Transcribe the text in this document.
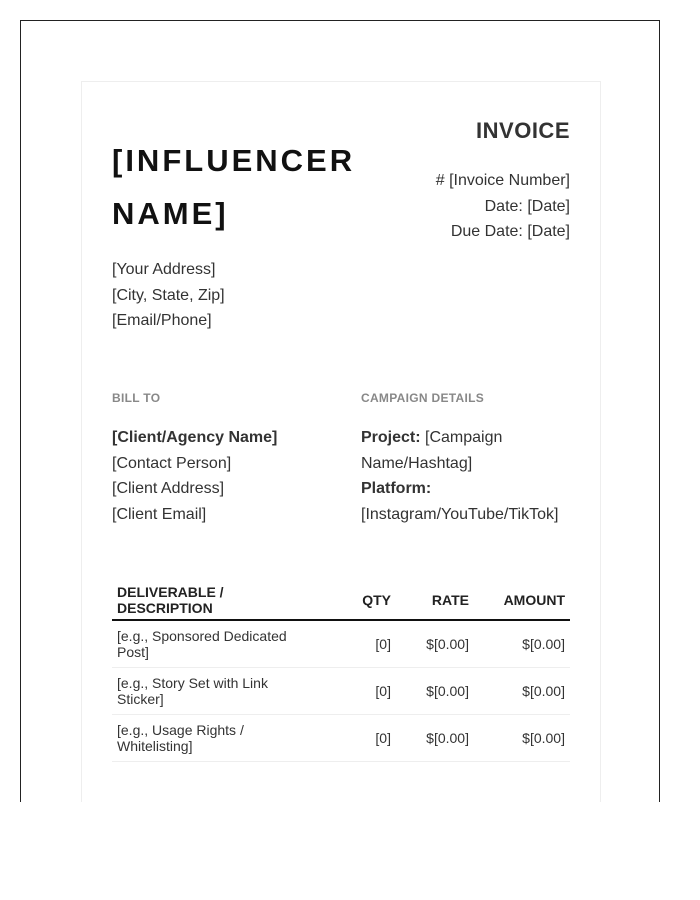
[INFLUENCER NAME]
[Your Address]
[City, State, Zip]
[Email/Phone]
INVOICE
# [Invoice Number]
Date: [Date]
Due Date: [Date]
BILL TO	CAMPAIGN DETAILS
[Client/Agency Name]
[Contact Person]
[Client Address]
[Client Email]
Project: [Campaign Name/Hashtag]
Platform: [Instagram/YouTube/TikTok]
DELIVERABLE / DESCRIPTION	QTY	RATE	AMOUNT
[e.g., Sponsored Dedicated Post]	[0]	$[0.00]	$[0.00]
[e.g., Story Set with Link Sticker]	[0]	$[0.00]	$[0.00]
[e.g., Usage Rights / Whitelisting]	[0]	$[0.00]	$[0.00]
